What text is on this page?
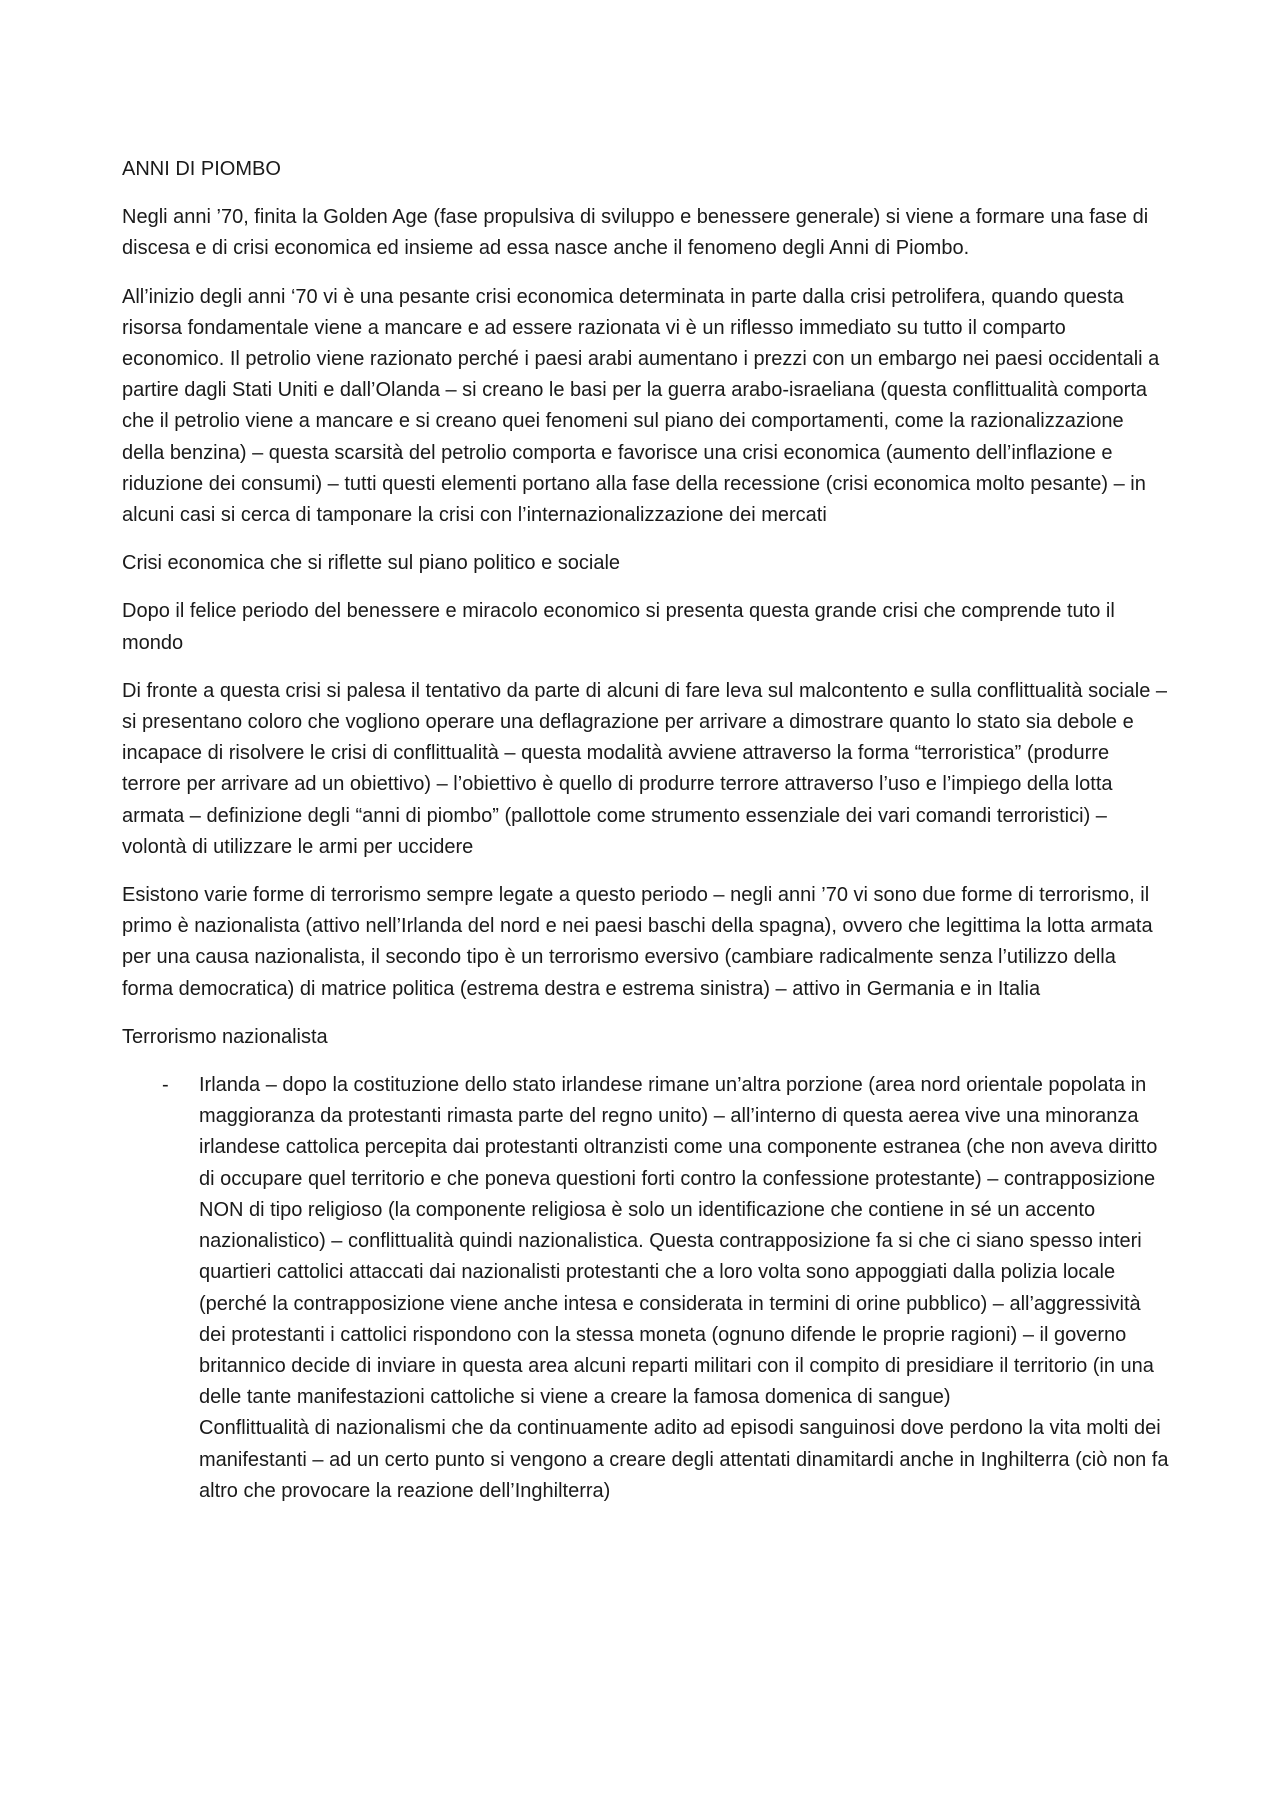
ANNI DI PIOMBO

Negli anni ’70, finita la Golden Age (fase propulsiva di sviluppo e benessere generale) si viene a formare una fase di discesa e di crisi economica ed insieme ad essa nasce anche il fenomeno degli Anni di Piombo.

All’inizio degli anni ‘70 vi è una pesante crisi economica determinata in parte dalla crisi petrolifera, quando questa risorsa fondamentale viene a mancare e ad essere razionata vi è un riflesso immediato su tutto il comparto economico. Il petrolio viene razionato perché i paesi arabi aumentano i prezzi con un embargo nei paesi occidentali a partire dagli Stati Uniti e dall’Olanda – si creano le basi per la guerra arabo-israeliana (questa conflittualità comporta che il petrolio viene a mancare e si creano quei fenomeni sul piano dei comportamenti, come la razionalizzazione della benzina) – questa scarsità del petrolio comporta e favorisce una crisi economica (aumento dell’inflazione e riduzione dei consumi) – tutti questi elementi portano alla fase della recessione (crisi economica molto pesante) – in alcuni casi si cerca di tamponare la crisi con l’internazionalizzazione dei mercati

Crisi economica che si riflette sul piano politico e sociale

Dopo il felice periodo del benessere e miracolo economico si presenta questa grande crisi che comprende tuto il mondo

Di fronte a questa crisi si palesa il tentativo da parte di alcuni di fare leva sul malcontento e sulla conflittualità sociale – si presentano coloro che vogliono operare una deflagrazione per arrivare a dimostrare quanto lo stato sia debole e incapace di risolvere le crisi di conflittualità – questa modalità avviene attraverso la forma “terroristica” (produrre terrore per arrivare ad un obiettivo) – l’obiettivo è quello di produrre terrore attraverso l’uso e l’impiego della lotta armata – definizione degli “anni di piombo” (pallottole come strumento essenziale dei vari comandi terroristici) – volontà di utilizzare le armi per uccidere

Esistono varie forme di terrorismo sempre legate a questo periodo – negli anni ’70 vi sono due forme di terrorismo, il primo è nazionalista (attivo nell’Irlanda del nord e nei paesi baschi della spagna), ovvero che legittima la lotta armata per una causa nazionalista, il secondo tipo è un terrorismo eversivo (cambiare radicalmente senza l’utilizzo della forma democratica) di matrice politica (estrema destra e estrema sinistra) – attivo in Germania e in Italia

Terrorismo nazionalista

- Irlanda – dopo la costituzione dello stato irlandese rimane un’altra porzione (area nord orientale popolata in maggioranza da protestanti rimasta parte del regno unito) – all’interno di questa aerea vive una minoranza irlandese cattolica percepita dai protestanti oltranzisti come una componente estranea (che non aveva diritto di occupare quel territorio e che poneva questioni forti contro la confessione protestante) – contrapposizione NON di tipo religioso (la componente religiosa è solo un identificazione che contiene in sé un accento nazionalistico) – conflittualità quindi nazionalistica. Questa contrapposizione fa si che ci siano spesso interi quartieri cattolici attaccati dai nazionalisti protestanti che a loro volta sono appoggiati dalla polizia locale (perché la contrapposizione viene anche intesa e considerata in termini di orine pubblico) – all’aggressività dei protestanti i cattolici rispondono con la stessa moneta (ognuno difende le proprie ragioni) – il governo britannico decide di inviare in questa area alcuni reparti militari con il compito di presidiare il territorio (in una delle tante manifestazioni cattoliche si viene a creare la famosa domenica di sangue)
Conflittualità di nazionalismi che da continuamente adito ad episodi sanguinosi dove perdono la vita molti dei manifestanti – ad un certo punto si vengono a creare degli attentati dinamitardi anche in Inghilterra (ciò non fa altro che provocare la reazione dell’Inghilterra)
